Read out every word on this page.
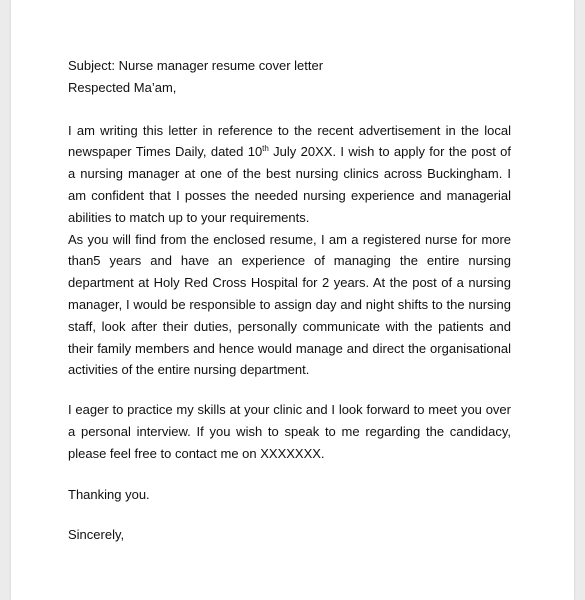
Subject: Nurse manager resume cover letter
Respected Ma’am,

I am writing this letter in reference to the recent advertisement in the local newspaper Times Daily, dated 10th July 20XX. I wish to apply for the post of a nursing manager at one of the best nursing clinics across Buckingham. I am confident that I posses the needed nursing experience and managerial abilities to match up to your requirements.

As you will find from the enclosed resume, I am a registered nurse for more than5 years and have an experience of managing the entire nursing department at Holy Red Cross Hospital for 2 years. At the post of a nursing manager, I would be responsible to assign day and night shifts to the nursing staff, look after their duties, personally communicate with the patients and their family members and hence would manage and direct the organisational activities of the entire nursing department.

I eager to practice my skills at your clinic and I look forward to meet you over a personal interview. If you wish to speak to me regarding the candidacy, please feel free to contact me on XXXXXXX.

Thanking you.
Sincerely,
